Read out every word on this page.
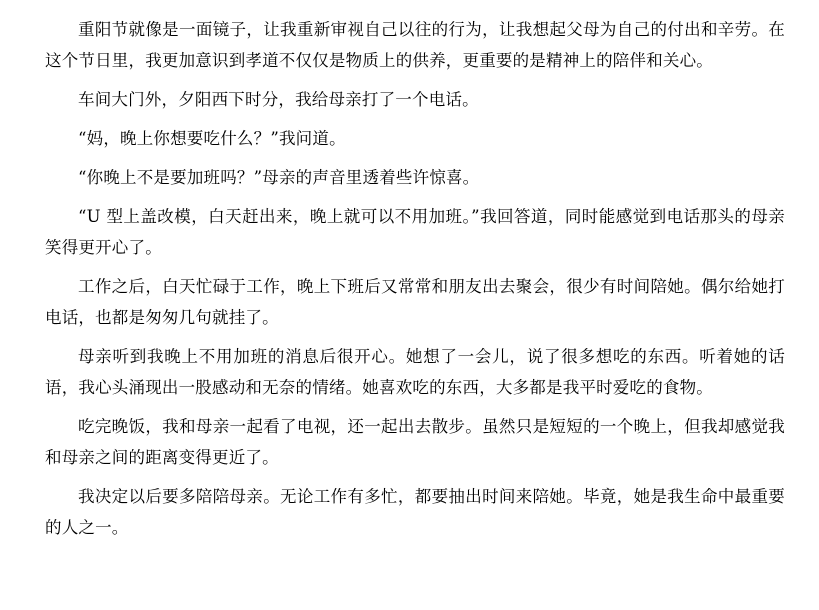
重阳节就像是一面镜子，让我重新审视自己以往的行为，让我想起父母为自己的付出和辛劳。在这个节日里，我更加意识到孝道不仅仅是物质上的供养，更重要的是精神上的陪伴和关心。

车间大门外，夕阳西下时分，我给母亲打了一个电话。

“妈，晚上你想要吃什么？”我问道。

“你晚上不是要加班吗？”母亲的声音里透着些许惊喜。

“U 型上盖改模，白天赶出来，晚上就可以不用加班。”我回答道，同时能感觉到电话那头的母亲笑得更开心了。

工作之后，白天忙碌于工作，晚上下班后又常常和朋友出去聚会，很少有时间陪她。偶尔给她打电话，也都是匆匆几句就挂了。

母亲听到我晚上不用加班的消息后很开心。她想了一会儿，说了很多想吃的东西。听着她的话语，我心头涌现出一股感动和无奈的情绪。她喜欢吃的东西，大多都是我平时爱吃的食物。

吃完晚饭，我和母亲一起看了电视，还一起出去散步。虽然只是短短的一个晚上，但我却感觉我和母亲之间的距离变得更近了。

我决定以后要多陪陪母亲。无论工作有多忙，都要抽出时间来陪她。毕竟，她是我生命中最重要的人之一。
